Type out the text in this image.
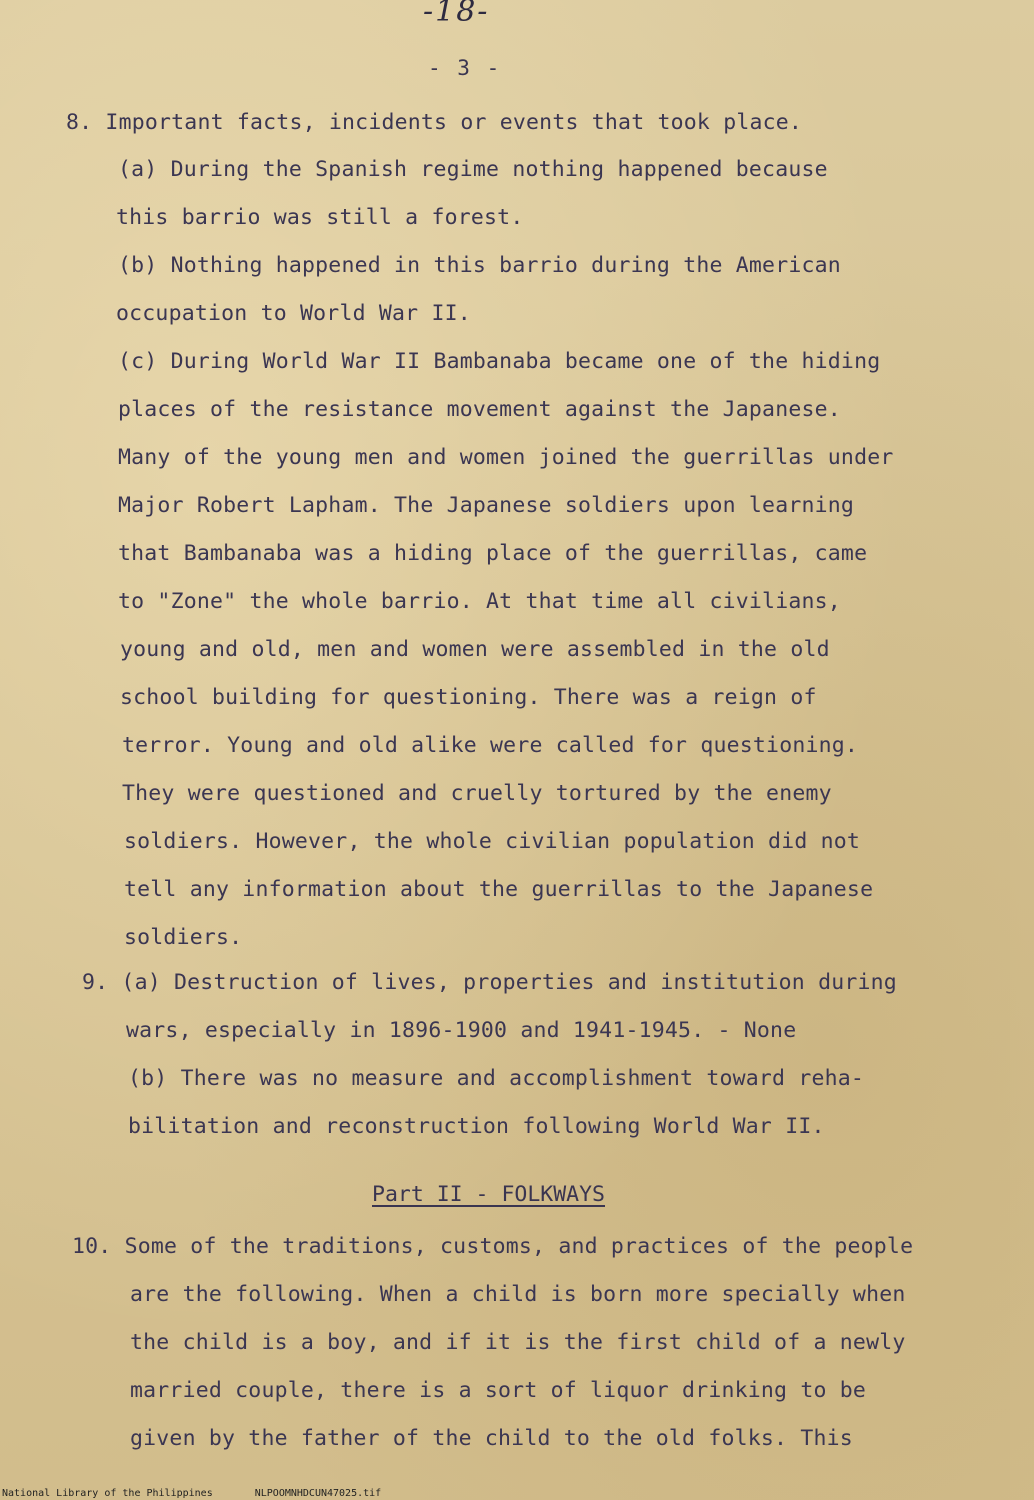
-18-
- 3 -
8. Important facts, incidents or events that took place.
(a) During the Spanish regime nothing happened because
this barrio was still a forest.
(b) Nothing happened in this barrio during the American
occupation to World War II.
(c) During World War II Bambanaba became one of the hiding
places of the resistance movement against the Japanese.
Many of the young men and women joined the guerrillas under
Major Robert Lapham. The Japanese soldiers upon learning
that Bambanaba was a hiding place of the guerrillas, came
to "Zone" the whole barrio. At that time all civilians,
young and old, men and women were assembled in the old
school building for questioning. There was a reign of
terror. Young and old alike were called for questioning.
They were questioned and cruelly tortured by the enemy
soldiers. However, the whole civilian population did not
tell any information about the guerrillas to the Japanese
soldiers.
9. (a) Destruction of lives, properties and institution during
wars, especially in 1896-1900 and 1941-1945. - None
(b) There was no measure and accomplishment toward reha-
bilitation and reconstruction following World War II.
Part II - FOLKWAYS
10. Some of the traditions, customs, and practices of the people
are the following. When a child is born more specially when
the child is a boy, and if it is the first child of a newly
married couple, there is a sort of liquor drinking to be
given by the father of the child to the old folks. This
National Library of the Philippines	NLPOOMNHDCUN47025.tif
